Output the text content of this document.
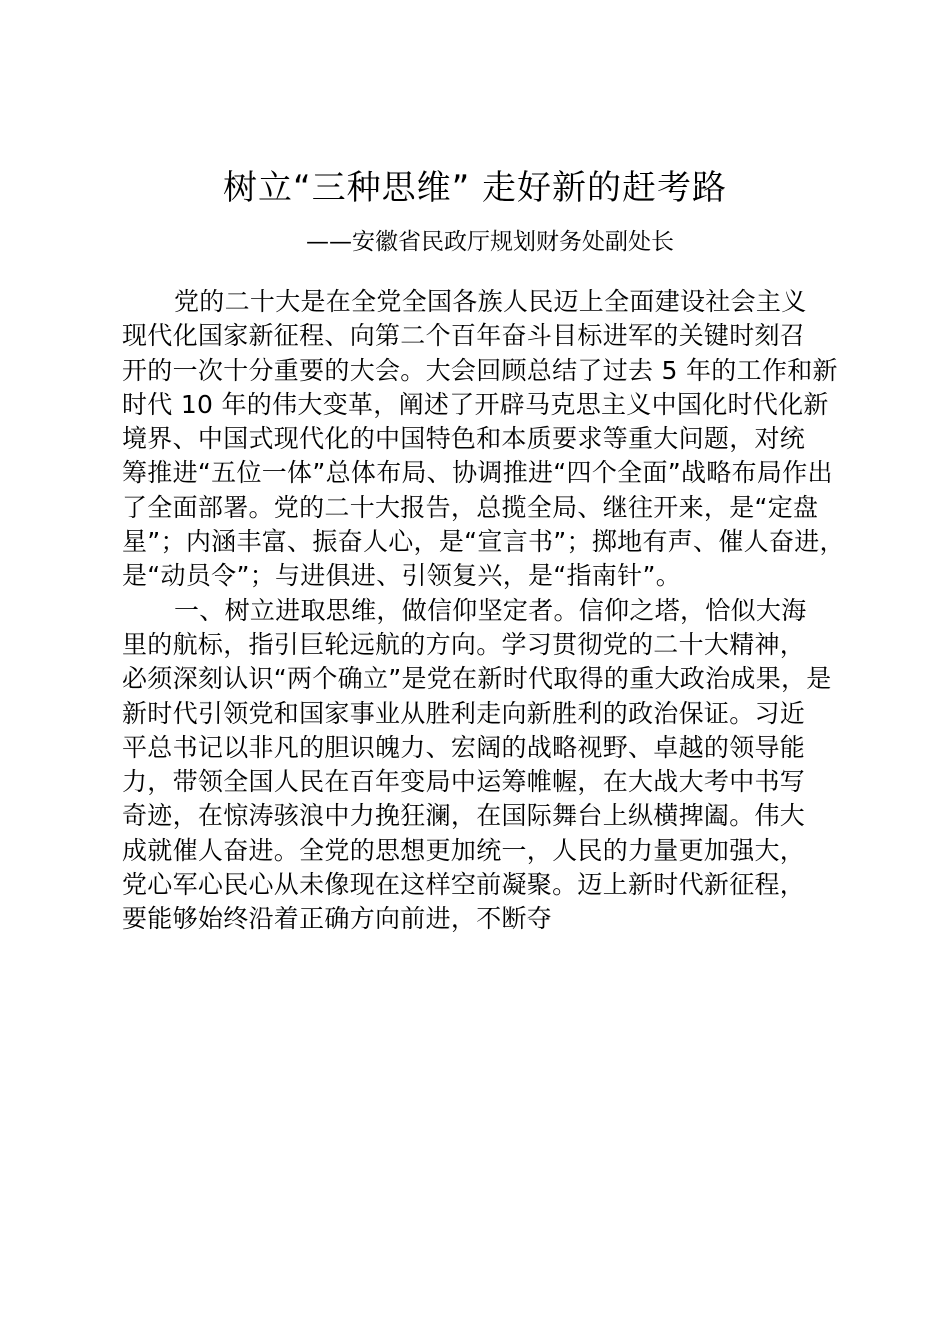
树立“三种思维” 走好新的赶考路
——安徽省民政厅规划财务处副处长
党的二十大是在全党全国各族人民迈上全面建设社会主义
现代化国家新征程、向第二个百年奋斗目标进军的关键时刻召
开的一次十分重要的大会。大会回顾总结了过去 5 年的工作和新
时代 10 年的伟大变革，阐述了开辟马克思主义中国化时代化新
境界、中国式现代化的中国特色和本质要求等重大问题，对统
筹推进“五位一体”总体布局、协调推进“四个全面”战略布局作出
了全面部署。党的二十大报告，总揽全局、继往开来，是“定盘
星”；内涵丰富、振奋人心，是“宣言书”；掷地有声、催人奋进，
是“动员令”；与进俱进、引领复兴，是“指南针”。
一、树立进取思维，做信仰坚定者。信仰之塔，恰似大海
里的航标，指引巨轮远航的方向。学习贯彻党的二十大精神，
必须深刻认识“两个确立”是党在新时代取得的重大政治成果，是
新时代引领党和国家事业从胜利走向新胜利的政治保证。习近
平总书记以非凡的胆识魄力、宏阔的战略视野、卓越的领导能
力，带领全国人民在百年变局中运筹帷幄，在大战大考中书写
奇迹，在惊涛骇浪中力挽狂澜，在国际舞台上纵横捭阖。伟大
成就催人奋进。全党的思想更加统一，人民的力量更加强大，
党心军心民心从未像现在这样空前凝聚。迈上新时代新征程，
要能够始终沿着正确方向前进，不断夺
